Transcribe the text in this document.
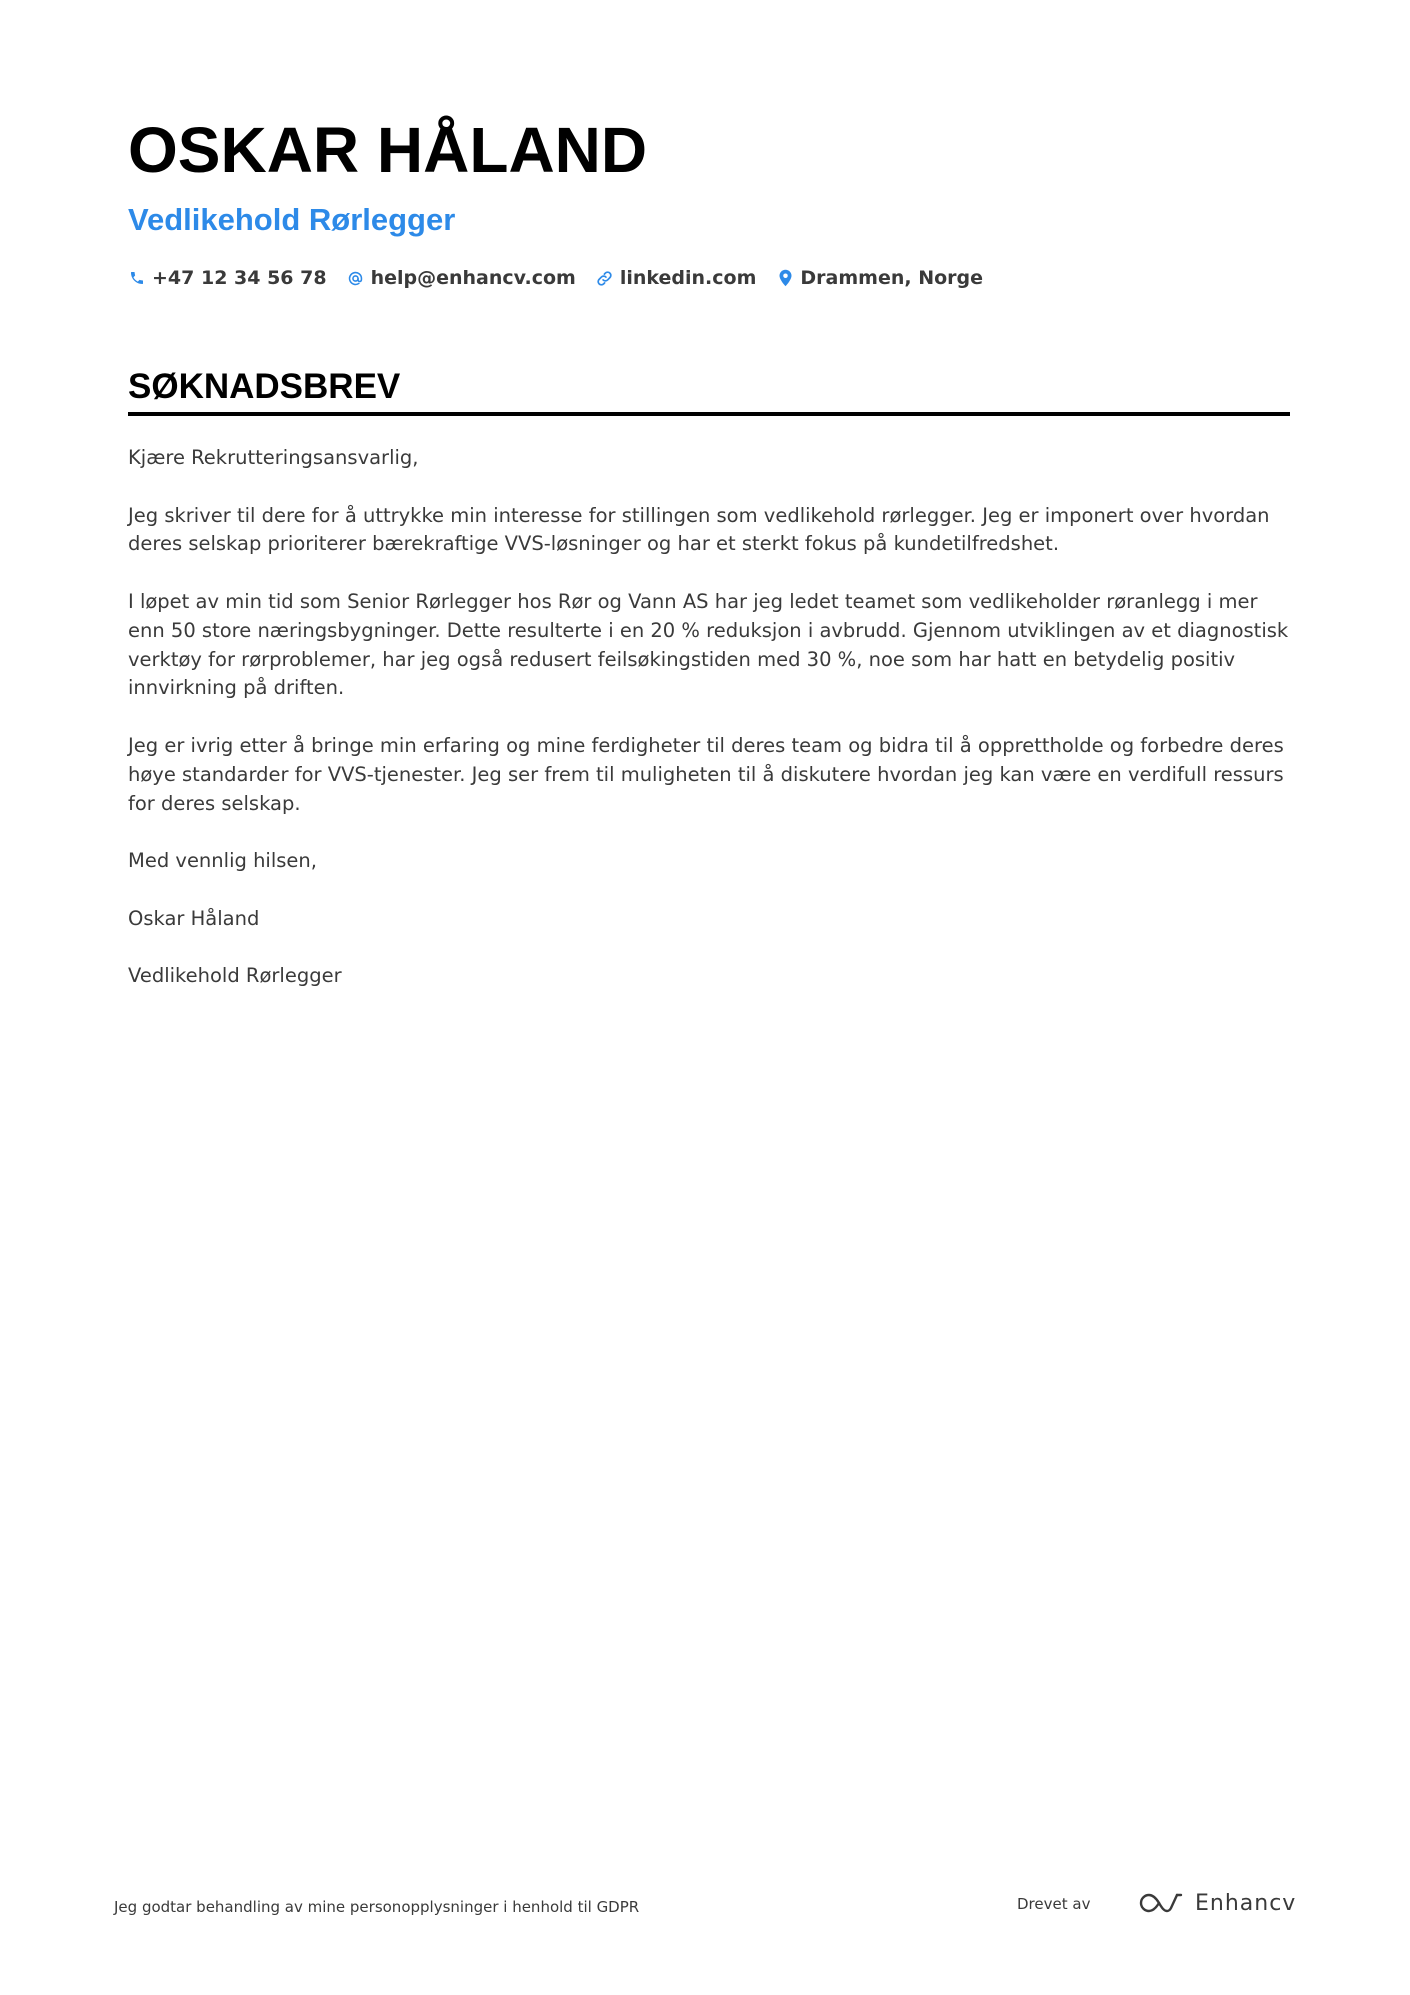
OSKAR HÅLAND
Vedlikehold Rørlegger
+47 12 34 56 78 help@enhancv.com linkedin.com Drammen, Norge
SØKNADSBREV

Kjære Rekrutteringsansvarlig,

Jeg skriver til dere for å uttrykke min interesse for stillingen som vedlikehold rørlegger. Jeg er imponert over hvordan deres selskap prioriterer bærekraftige VVS-løsninger og har et sterkt fokus på kundetilfredshet.

I løpet av min tid som Senior Rørlegger hos Rør og Vann AS har jeg ledet teamet som vedlikeholder røranlegg i mer enn 50 store næringsbygninger. Dette resulterte i en 20 % reduksjon i avbrudd. Gjennom utviklingen av et diagnostisk verktøy for rørproblemer, har jeg også redusert feilsøkingstiden med 30 %, noe som har hatt en betydelig positiv innvirkning på driften.

Jeg er ivrig etter å bringe min erfaring og mine ferdigheter til deres team og bidra til å opprettholde og forbedre deres høye standarder for VVS-tjenester. Jeg ser frem til muligheten til å diskutere hvordan jeg kan være en verdifull ressurs for deres selskap.

Med vennlig hilsen,

Oskar Håland

Vedlikehold Rørlegger

Jeg godtar behandling av mine personopplysninger i henhold til GDPR	Drevet av	Enhancv
